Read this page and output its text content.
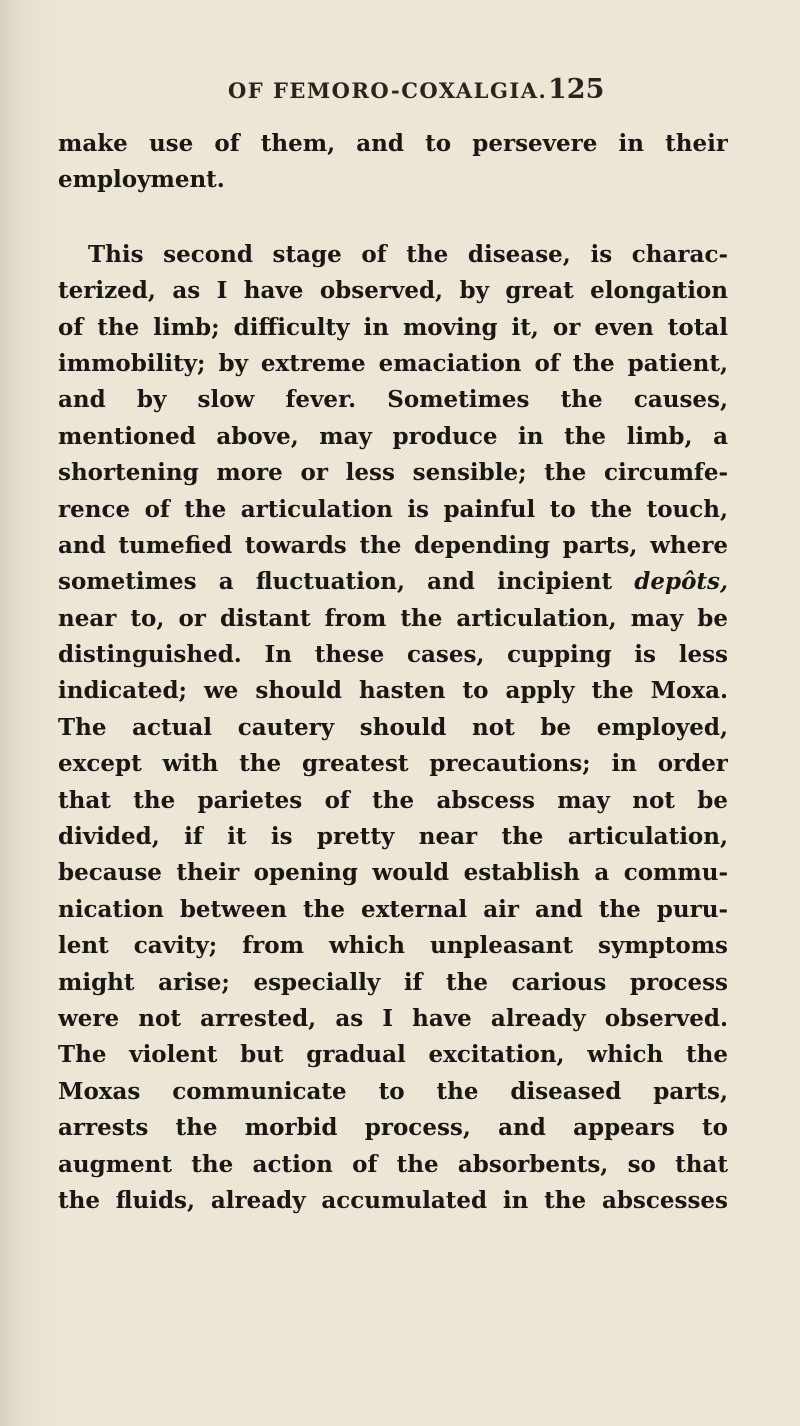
OF FEMORO-COXALGIA. 125
make use of them, and to persevere in their
employment.
This second stage of the disease, is charac-
terized, as I have observed, by great elongation
of the limb; difficulty in moving it, or even total
immobility; by extreme emaciation of the patient,
and by slow fever. Sometimes the causes,
mentioned above, may produce in the limb, a
shortening more or less sensible; the circumfe-
rence of the articulation is painful to the touch,
and tumefied towards the depending parts, where
sometimes a fluctuation, and incipient depôts,
near to, or distant from the articulation, may be
distinguished. In these cases, cupping is less
indicated; we should hasten to apply the Moxa.
The actual cautery should not be employed,
except with the greatest precautions; in order
that the parietes of the abscess may not be
divided, if it is pretty near the articulation,
because their opening would establish a commu-
nication between the external air and the puru-
lent cavity; from which unpleasant symptoms
might arise; especially if the carious process
were not arrested, as I have already observed.
The violent but gradual excitation, which the
Moxas communicate to the diseased parts,
arrests the morbid process, and appears to
augment the action of the absorbents, so that
the fluids, already accumulated in the abscesses
